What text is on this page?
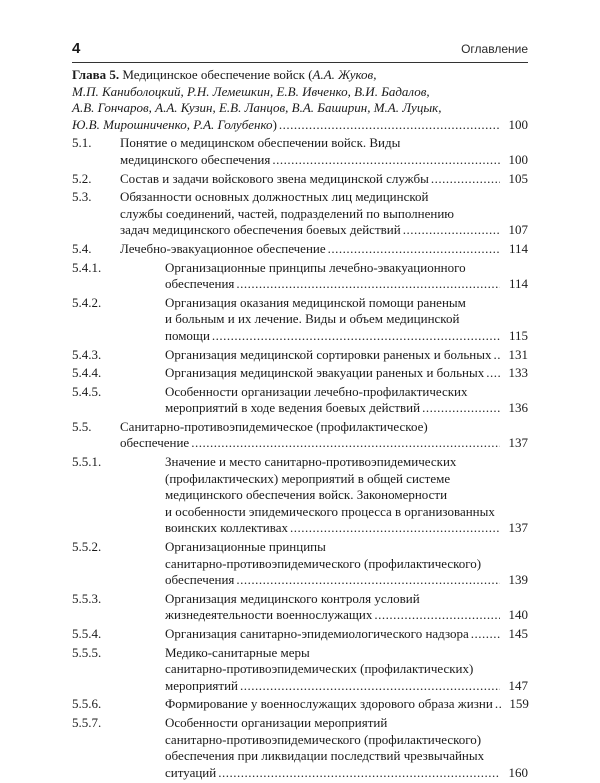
4	Оглавление
Глава 5. Медицинское обеспечение войск (А.А. Жуков,
М.П. Каниболоцкий, Р.Н. Лемешкин, Е.В. Ивченко, В.И. Бадалов,
А.В. Гончаров, А.А. Кузин, Е.В. Ланцов, В.А. Баширин, М.А. Луцык,
Ю.В. Мирошниченко, Р.А. Голубенко) .....	100
5.1. Понятие о медицинском обеспечении войск. Виды
медицинского обеспечения .....	100
5.2. Состав и задачи войскового звена медицинской службы .....	105
5.3. Обязанности основных должностных лиц медицинской
службы соединений, частей, подразделений по выполнению
задач медицинского обеспечения боевых действий .....	107
5.4. Лечебно-эвакуационное обеспечение .....	114
5.4.1.	Организационные принципы лечебно-эвакуационного
обеспечения .....	114
5.4.2.	Организация оказания медицинской помощи раненым
и больным и их лечение. Виды и объем медицинской
помощи .....	115
5.4.3.	Организация медицинской сортировки раненых и больных .....	131
5.4.4.	Организация медицинской эвакуации раненых и больных .....	133
5.4.5.	Особенности организации лечебно-профилактических
мероприятий в ходе ведения боевых действий .....	136
5.5. Санитарно-противоэпидемическое (профилактическое)
обеспечение .....	137
5.5.1.	Значение и место санитарно-противоэпидемических
(профилактических) мероприятий в общей системе
медицинского обеспечения войск. Закономерности
и особенности эпидемического процесса в организованных
воинских коллективах .....	137
5.5.2.	Организационные принципы
санитарно-противоэпидемического (профилактического)
обеспечения .....	139
5.5.3.	Организация медицинского контроля условий
жизнедеятельности военнослужащих .....	140
5.5.4.	Организация санитарно-эпидемиологического надзора .....	145
5.5.5.	Медико-санитарные меры
санитарно-противоэпидемических (профилактических)
мероприятий .....	147
5.5.6.	Формирование у военнослужащих здорового образа жизни .....	159
5.5.7.	Особенности организации мероприятий
санитарно-противоэпидемического (профилактического)
обеспечения при ликвидации последствий чрезвычайных
ситуаций .....	160
